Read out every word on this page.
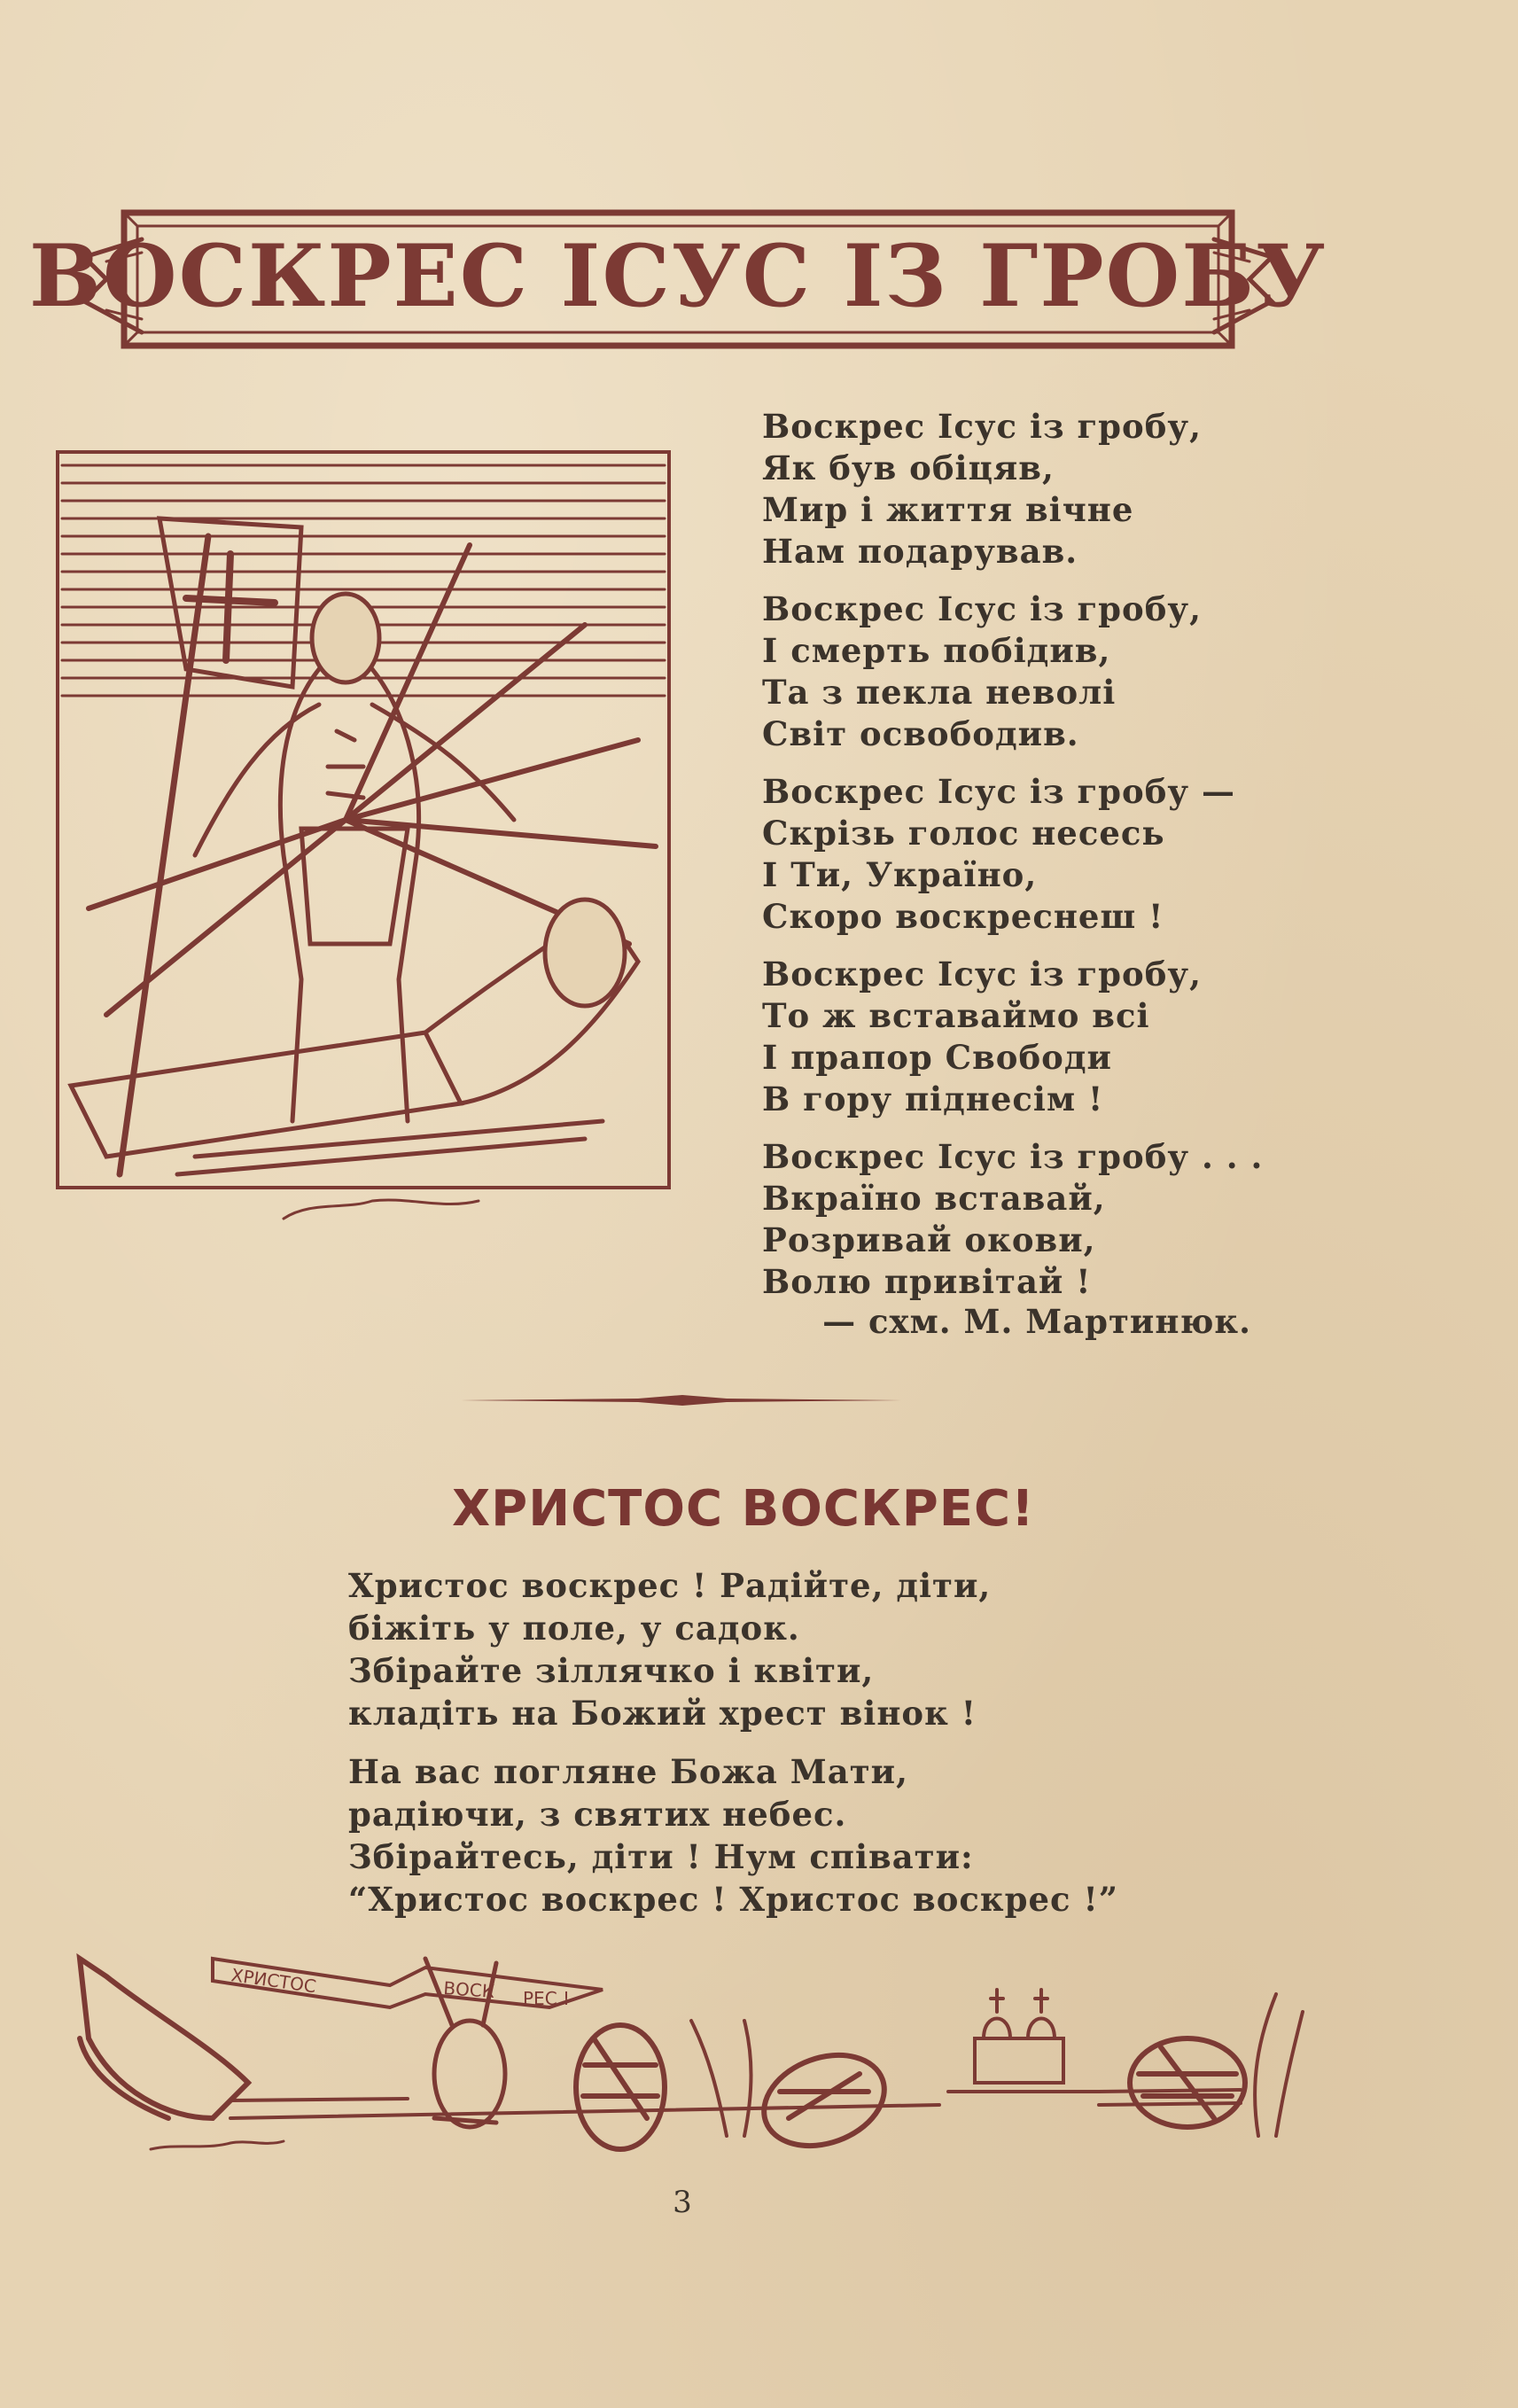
ВОСКРЕС ІСУС ІЗ ГРОБУ
Воскрес Ісус із гробу,
Як був обіцяв,
Мир і життя вічне
Нам подарував.
Воскрес Ісус із гробу,
І смерть побідив,
Та з пекла неволі
Світ освободив.
Воскрес Ісус із гробу —
Скрізь голос несесь
І Ти, Україно,
Скоро воскреснеш !
Воскрес Ісус із гробу,
То ж вставаймо всі
І прапор Свободи
В гору піднесім !
Воскрес Ісус із гробу . . .
Вкраїно вставай,
Розривай окови,
Волю привітай !
— схм. М. Мартинюк.
ХРИСТОС ВОСКРЕС!
Христос воскрес ! Радійте, діти,
біжіть у поле, у садок.
Збірайте зіллячко і квіти,
кладіть на Божий хрест вінок !
На вас погляне Божа Мати,
радіючи, з святих небес.
Збірайтесь, діти ! Нум співати:
“Христос воскрес ! Христос воскрес !”
ХРИСТОС	ВОСК РЕС !
3
